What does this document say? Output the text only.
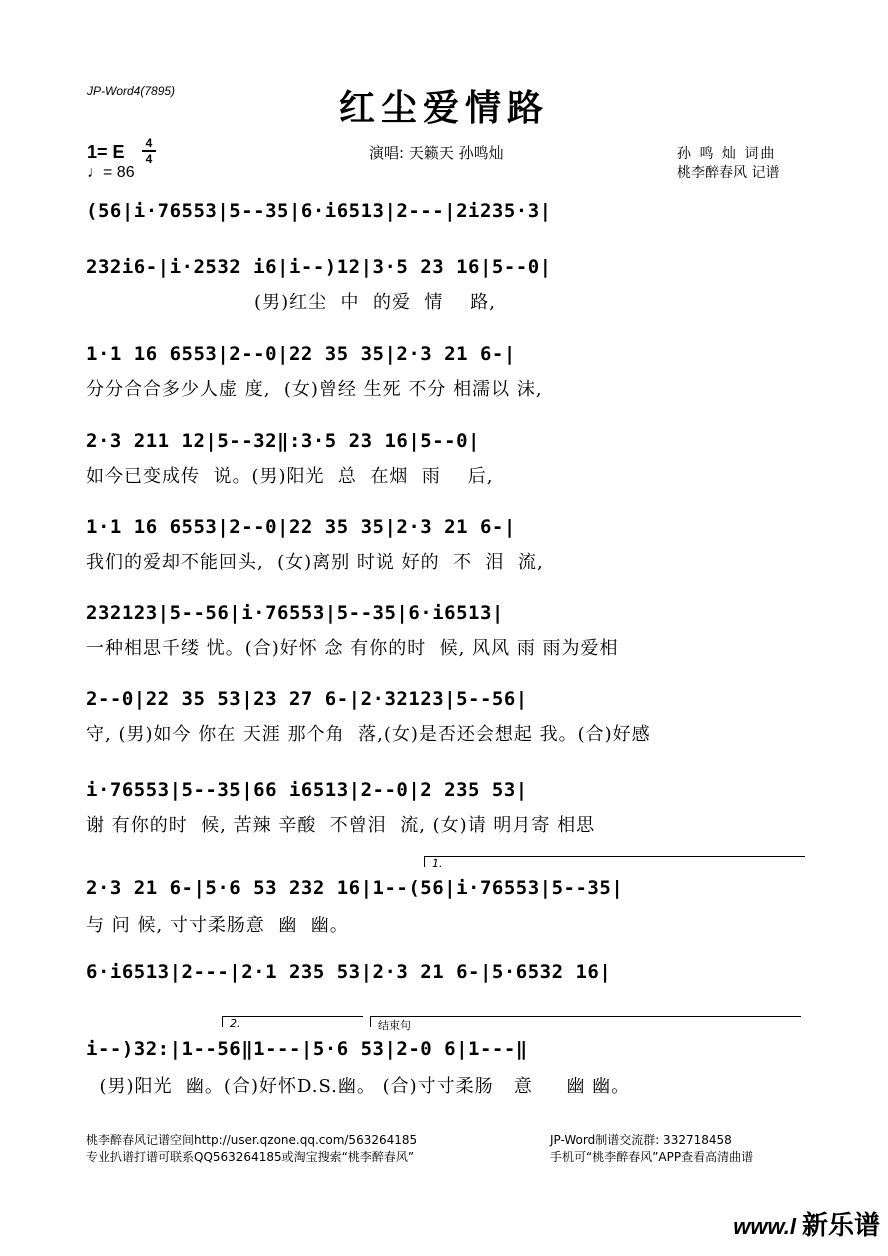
JP-Word4(7895)	红尘爱情路
1= E	4
4
♩= 86
演唱: 天籁天 孙鸣灿	孙 鸣 灿 词曲
桃李醉春风 记谱
(56|i·76553|5--35|6·i6513|2---|2i235·3|
232i6-|i·2532 i6|i--)12|3·5 23 16|5--0|
(男)红尘  中  的爱  情    路,
1·1 16 6553|2--0|22 35 35|2·3 21 6-|
分分合合多少人虚 度,  (女)曾经 生死 不分 相濡以 沫,
2·3 211 12|5--32‖:3·5 23 16|5--0|
如今已变成传  说。(男)阳光  总  在烟  雨    后,
1·1 16 6553|2--0|22 35 35|2·3 21 6-|
我们的爱却不能回头,  (女)离别 时说 好的  不  泪  流,
232123|5--56|i·76553|5--35|6·i6513|
一种相思千缕 忧。(合)好怀 念 有你的时  候, 风风 雨 雨为爱相
2--0|22 35 53|23 27 6-|2·32123|5--56|
守, (男)如今 你在 天涯 那个角  落,(女)是否还会想起 我。(合)好感
i·76553|5--35|66 i6513|2--0|2 235 53|
谢 有你的时  候, 苦辣 辛酸  不曾泪  流, (女)请 明月寄 相思
1.
2·3 21 6-|5·6 53 232 16|1--(56|i·76553|5--35|
与 问 候, 寸寸柔肠意  幽  幽。
6·i6513|2---|2·1 235 53|2·3 21 6-|5·6532 16|
2.	结束句
i--)32:|1--56‖1---|5·6 53|2-0 6|1---‖
(男)阳光  幽。(合)好怀D.S.幽。 (合)寸寸柔肠   意     幽 幽。
桃李醉春风记谱空间http://user.qzone.qq.com/563264185
专业扒谱打谱可联系QQ563264185或淘宝搜索“桃李醉春风”
JP-Word制谱交流群: 332718458
手机可“桃李醉春风”APP查看高清曲谱

www.l 新乐谱
